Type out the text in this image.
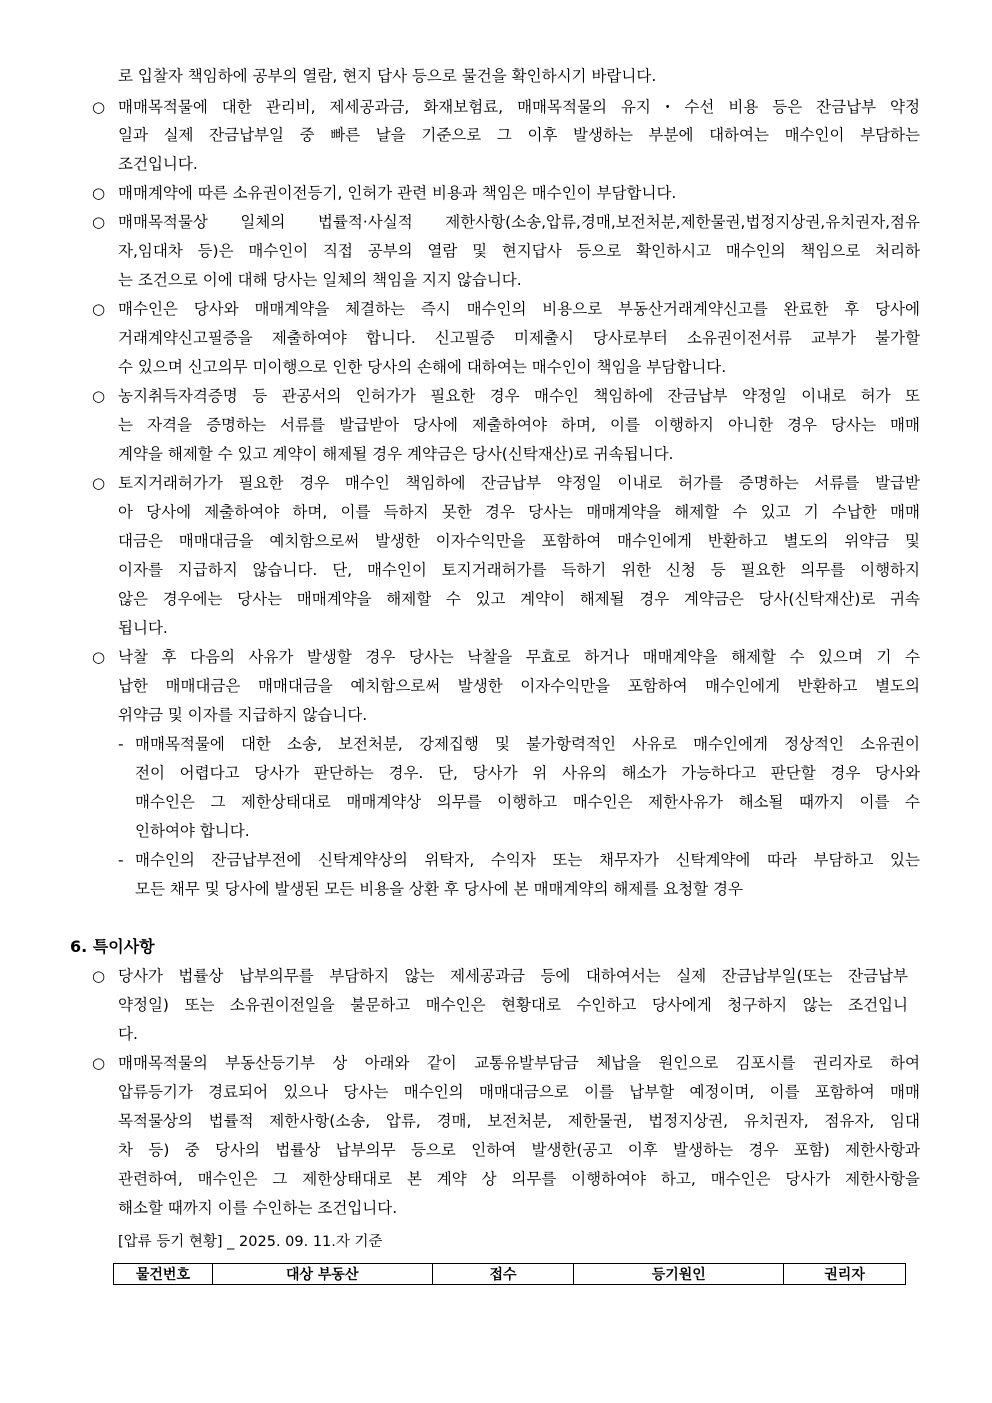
로 입찰자 책임하에 공부의 열람, 현지 답사 등으로 물건을 확인하시기 바랍니다.
○ 매매목적물에 대한 관리비, 제세공과금, 화재보험료, 매매목적물의 유지・수선 비용 등은 잔금납부 약정
일과 실제 잔금납부일 중 빠른 날을 기준으로 그 이후 발생하는 부분에 대하여는 매수인이 부담하는
조건입니다.
○ 매매계약에 따른 소유권이전등기, 인허가 관련 비용과 책임은 매수인이 부담합니다.
○ 매매목적물상 일체의 법률적·사실적 제한사항(소송,압류,경매,보전처분,제한물권,법정지상권,유치권자,점유
자,임대차 등)은 매수인이 직접 공부의 열람 및 현지답사 등으로 확인하시고 매수인의 책임으로 처리하
는 조건으로 이에 대해 당사는 일체의 책임을 지지 않습니다.
○ 매수인은 당사와 매매계약을 체결하는 즉시 매수인의 비용으로 부동산거래계약신고를 완료한 후 당사에
거래계약신고필증을 제출하여야 합니다. 신고필증 미제출시 당사로부터 소유권이전서류 교부가 불가할
수 있으며 신고의무 미이행으로 인한 당사의 손해에 대하여는 매수인이 책임을 부담합니다.
○ 농지취득자격증명 등 관공서의 인허가가 필요한 경우 매수인 책임하에 잔금납부 약정일 이내로 허가 또
는 자격을 증명하는 서류를 발급받아 당사에 제출하여야 하며, 이를 이행하지 아니한 경우 당사는 매매
계약을 해제할 수 있고 계약이 해제될 경우 계약금은 당사(신탁재산)로 귀속됩니다.
○ 토지거래허가가 필요한 경우 매수인 책임하에 잔금납부 약정일 이내로 허가를 증명하는 서류를 발급받
아 당사에 제출하여야 하며, 이를 득하지 못한 경우 당사는 매매계약을 해제할 수 있고 기 수납한 매매
대금은 매매대금을 예치함으로써 발생한 이자수익만을 포함하여 매수인에게 반환하고 별도의 위약금 및
이자를 지급하지 않습니다. 단, 매수인이 토지거래허가를 득하기 위한 신청 등 필요한 의무를 이행하지
않은 경우에는 당사는 매매계약을 해제할 수 있고 계약이 해제될 경우 계약금은 당사(신탁재산)로 귀속
됩니다.
○ 낙찰 후 다음의 사유가 발생할 경우 당사는 낙찰을 무효로 하거나 매매계약을 해제할 수 있으며 기 수
납한 매매대금은 매매대금을 예치함으로써 발생한 이자수익만을 포함하여 매수인에게 반환하고 별도의
위약금 및 이자를 지급하지 않습니다.
- 매매목적물에 대한 소송, 보전처분, 강제집행 및 불가항력적인 사유로 매수인에게 정상적인 소유권이
전이 어렵다고 당사가 판단하는 경우. 단, 당사가 위 사유의 해소가 가능하다고 판단할 경우 당사와
매수인은 그 제한상태대로 매매계약상 의무를 이행하고 매수인은 제한사유가 해소될 때까지 이를 수
인하여야 합니다.
- 매수인의 잔금납부전에 신탁계약상의 위탁자, 수익자 또는 채무자가 신탁계약에 따라 부담하고 있는
모든 채무 및 당사에 발생된 모든 비용을 상환 후 당사에 본 매매계약의 해제를 요청할 경우
6. 특이사항
○ 당사가 법률상 납부의무를 부담하지 않는 제세공과금 등에 대하여서는 실제 잔금납부일(또는 잔금납부
약정일) 또는 소유권이전일을 불문하고 매수인은 현황대로 수인하고 당사에게 청구하지 않는 조건입니
다.
○ 매매목적물의 부동산등기부 상 아래와 같이 교통유발부담금 체납을 원인으로 김포시를 권리자로 하여
압류등기가 경료되어 있으나 당사는 매수인의 매매대금으로 이를 납부할 예정이며, 이를 포함하여 매매
목적물상의 법률적 제한사항(소송, 압류, 경매, 보전처분, 제한물권, 법정지상권, 유치권자, 점유자, 임대
차 등) 중 당사의 법률상 납부의무 등으로 인하여 발생한(공고 이후 발생하는 경우 포함) 제한사항과
관련하여, 매수인은 그 제한상태대로 본 계약 상 의무를 이행하여야 하고, 매수인은 당사가 제한사항을
해소할 때까지 이를 수인하는 조건입니다.
[압류 등기 현황] _ 2025. 09. 11.자 기준
물건번호	대상 부동산	접수	등기원인	권리자
